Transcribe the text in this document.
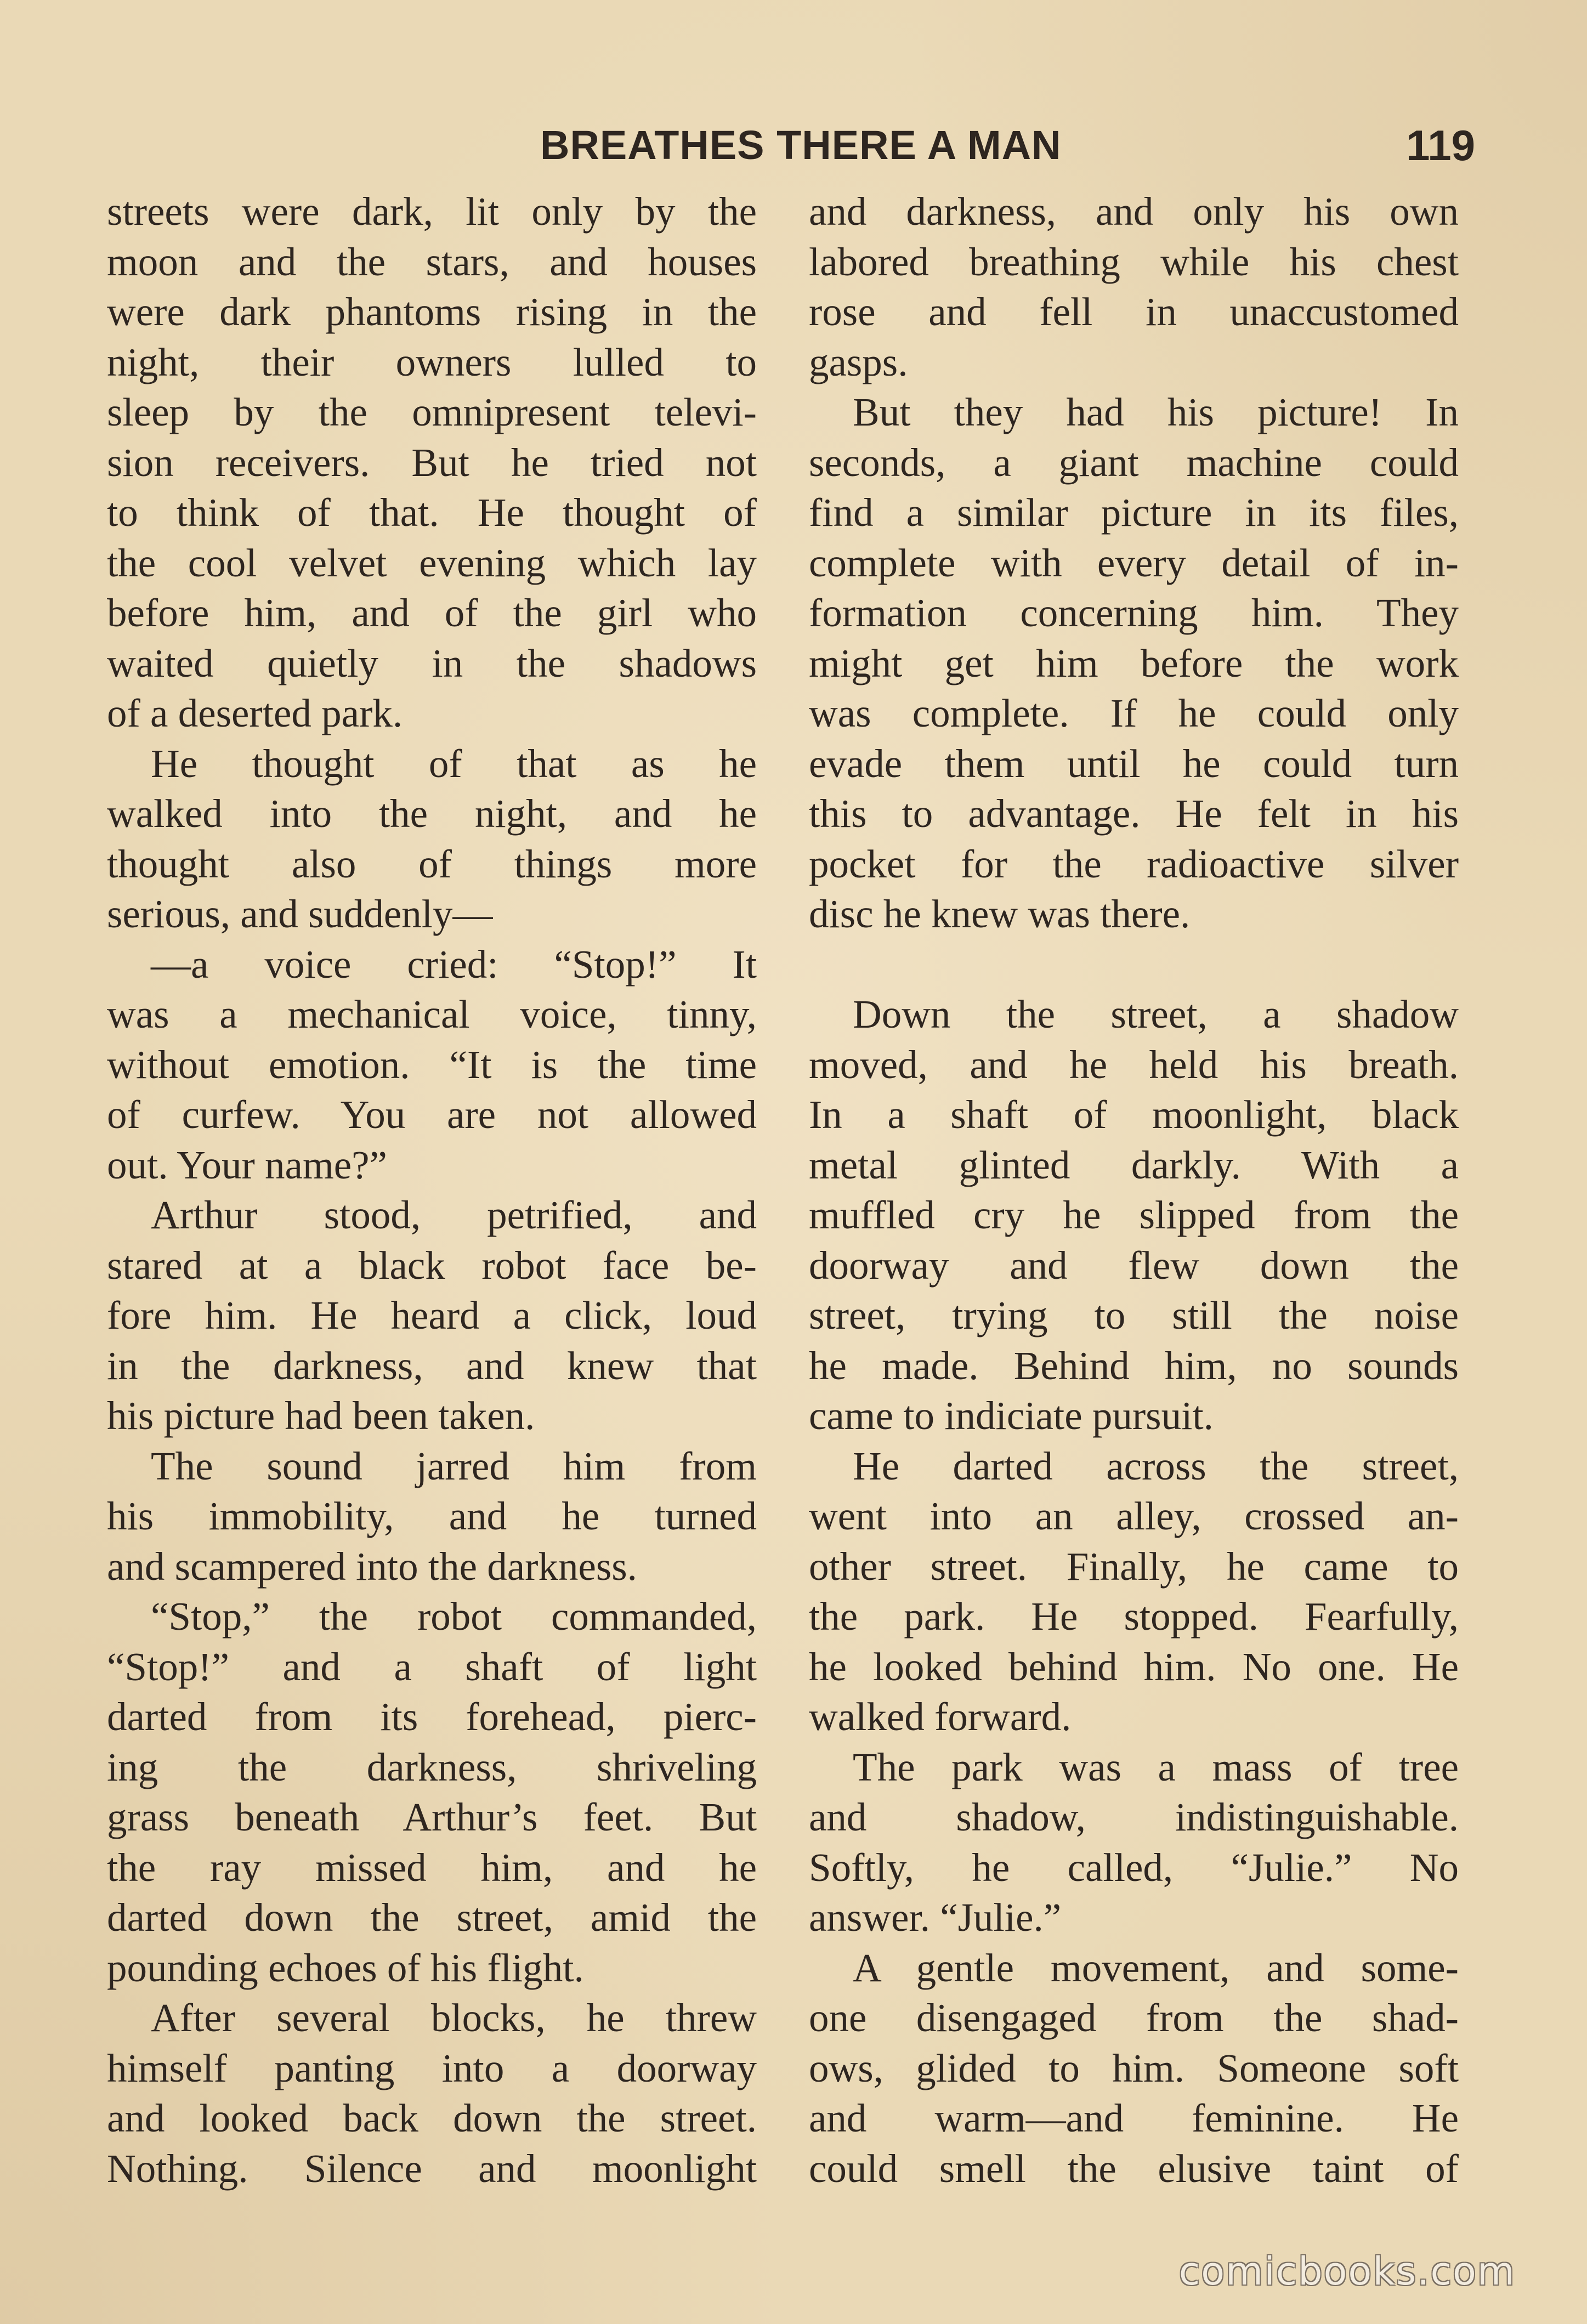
BREATHES THERE A MAN	119
streets were dark, lit only by the
moon and the stars, and houses
were dark phantoms rising in the
night, their owners lulled to
sleep by the omnipresent televi-
sion receivers. But he tried not
to think of that. He thought of
the cool velvet evening which lay
before him, and of the girl who
waited quietly in the shadows
of a deserted park.
He thought of that as he
walked into the night, and he
thought also of things more
serious, and suddenly—
—a voice cried: “Stop!” It
was a mechanical voice, tinny,
without emotion. “It is the time
of curfew. You are not allowed
out. Your name?”
Arthur stood, petrified, and
stared at a black robot face be-
fore him. He heard a click, loud
in the darkness, and knew that
his picture had been taken.
The sound jarred him from
his immobility, and he turned
and scampered into the darkness.
“Stop,” the robot commanded,
“Stop!” and a shaft of light
darted from its forehead, pierc-
ing the darkness, shriveling
grass beneath Arthur’s feet. But
the ray missed him, and he
darted down the street, amid the
pounding echoes of his flight.
After several blocks, he threw
himself panting into a doorway
and looked back down the street.
Nothing. Silence and moonlight
and darkness, and only his own
labored breathing while his chest
rose and fell in unaccustomed
gasps.
But they had his picture! In
seconds, a giant machine could
find a similar picture in its files,
complete with every detail of in-
formation concerning him. They
might get him before the work
was complete. If he could only
evade them until he could turn
this to advantage. He felt in his
pocket for the radioactive silver
disc he knew was there.
Down the street, a shadow
moved, and he held his breath.
In a shaft of moonlight, black
metal glinted darkly. With a
muffled cry he slipped from the
doorway and flew down the
street, trying to still the noise
he made. Behind him, no sounds
came to indiciate pursuit.
He darted across the street,
went into an alley, crossed an-
other street. Finally, he came to
the park. He stopped. Fearfully,
he looked behind him. No one. He
walked forward.
The park was a mass of tree
and shadow, indistinguishable.
Softly, he called, “Julie.” No
answer. “Julie.”
A gentle movement, and some-
one disengaged from the shad-
ows, glided to him. Someone soft
and warm—and feminine. He
could smell the elusive taint of
comicbooks.com
